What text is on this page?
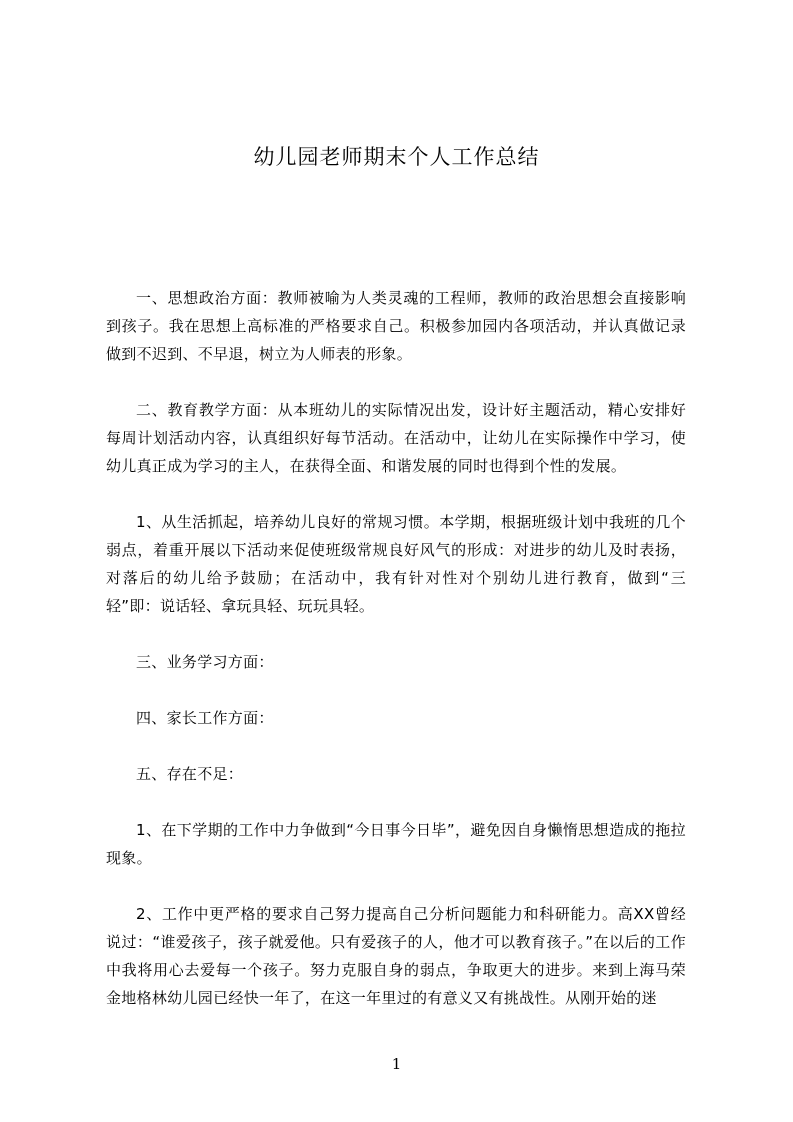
幼儿园老师期末个人工作总结

一、思想政治方面：教师被喻为人类灵魂的工程师，教师的政治思想会直接影响到孩子。我在思想上高标准的严格要求自己。积极参加园内各项活动，并认真做记录做到不迟到、不早退，树立为人师表的形象。

二、教育教学方面：从本班幼儿的实际情况出发，设计好主题活动，精心安排好每周计划活动内容，认真组织好每节活动。在活动中，让幼儿在实际操作中学习，使幼儿真正成为学习的主人，在获得全面、和谐发展的同时也得到个性的发展。

1、从生活抓起，培养幼儿良好的常规习惯。本学期，根据班级计划中我班的几个弱点，着重开展以下活动来促使班级常规良好风气的形成：对进步的幼儿及时表扬，对落后的幼儿给予鼓励；在活动中，我有针对性对个别幼儿进行教育，做到“三轻”即：说话轻、拿玩具轻、玩玩具轻。

三、业务学习方面：

四、家长工作方面：

五、存在不足：

1、在下学期的工作中力争做到“今日事今日毕”，避免因自身懒惰思想造成的拖拉现象。

2、工作中更严格的要求自己努力提高自己分析问题能力和科研能力。高XX曾经说过：“谁爱孩子，孩子就爱他。只有爱孩子的人，他才可以教育孩子。”在以后的工作中我将用心去爱每一个孩子。努力克服自身的弱点，争取更大的进步。来到上海马荣金地格林幼儿园已经快一年了，在这一年里过的有意义又有挑战性。从刚开始的迷

1
